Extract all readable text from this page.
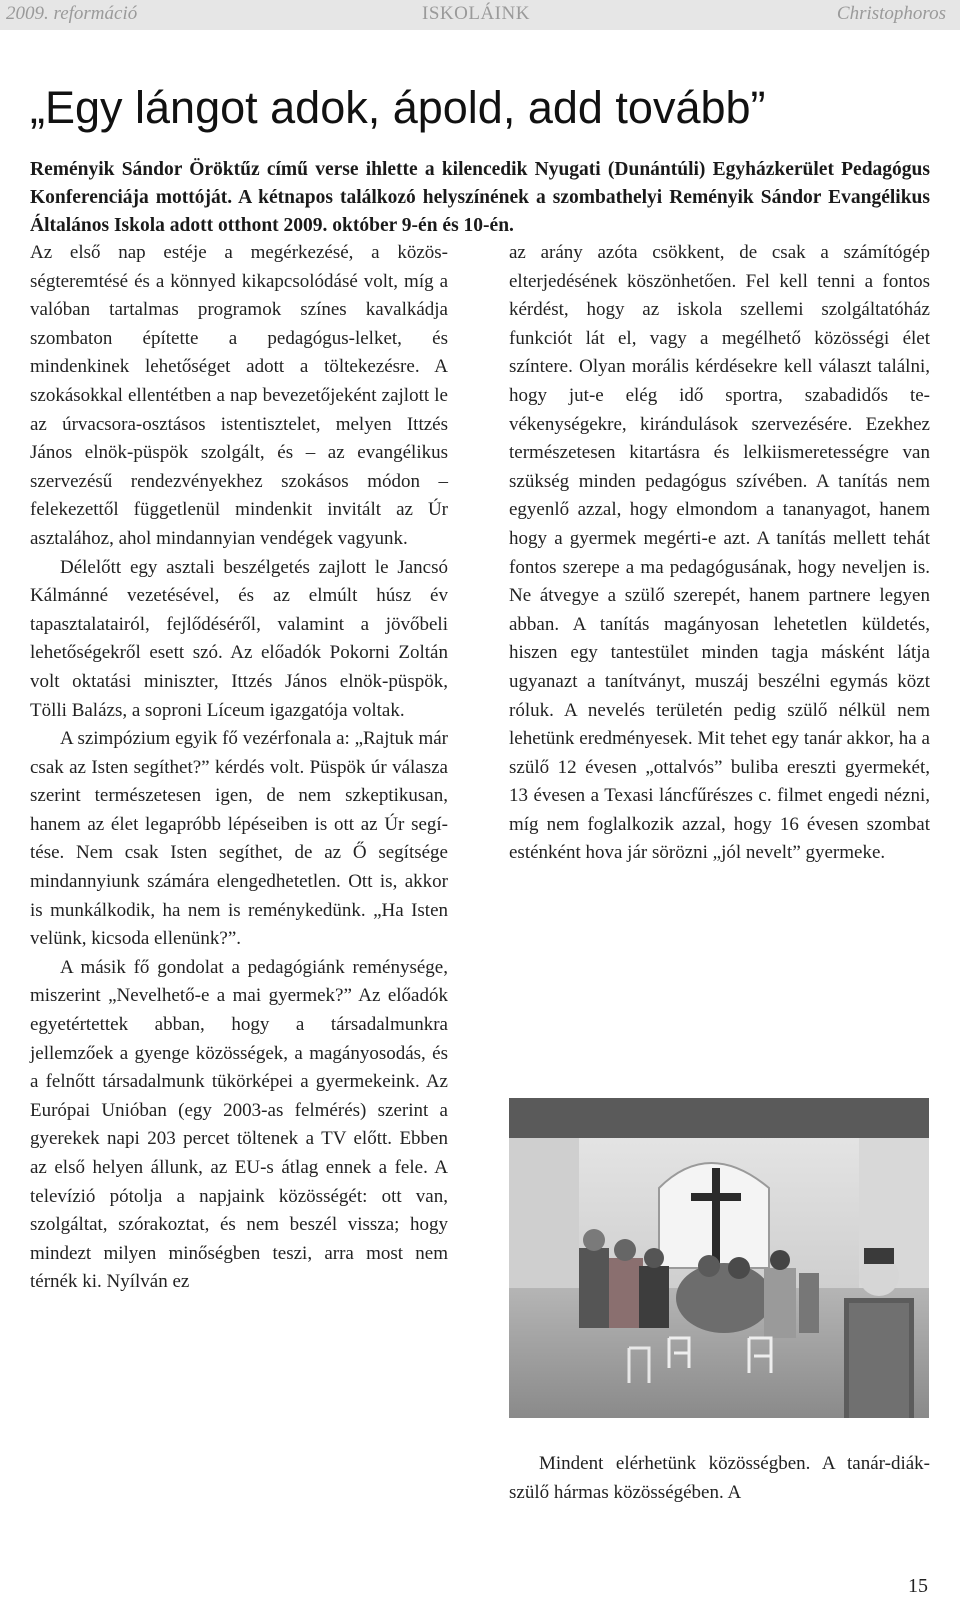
2009. reformáció	ISKOLÁINK	Christophoros
„Egy lángot adok, ápold, add tovább”

Reményik Sándor Öröktűz című verse ihlette a kilencedik Nyugati (Dunántúli) Egyházkerület Pedagógus Konferenciája mottóját. A kétnapos találkozó helyszínének a szombathelyi Reményik Sándor Evangélikus Általános Iskola adott otthont 2009. október 9-én és 10-én.

Az első nap estéje a megérkezésé, a közösségteremtésé és a könnyed kikapcsolódásé volt, míg a valóban tartalmas programok színes kavalkádja szombaton építette a pedagógus-lelket, és mindenkinek lehetőséget adott a töltekezésre. A szokásokkal ellentétben a nap bevezetőjeként zajlott le az úrvacsora-osztásos istentisztelet, melyen Ittzés János elnök-püspök szolgált, és – az evangélikus szervezésű rendezvényekhez szokásos módon – felekezettől függetlenül mindenkit invitált az Úr asztalához, ahol mindannyian vendégek vagyunk.

Délelőtt egy asztali beszélgetés zajlott le Jancsó Kálmánné vezetésével, és az elmúlt húsz év tapasztalatairól, fejlődéséről, valamint a jövőbeli lehetőségekről esett szó. Az előadók Pokorni Zoltán volt oktatási miniszter, Ittzés János elnök-püspök, Tölli Balázs, a soproni Líceum igazgatója voltak.

A szimpózium egyik fő vezérfonala a: „Rajtuk már csak az Isten segíthet?” kérdés volt. Püspök úr válasza szerint természetesen igen, de nem szkeptikusan, hanem az élet legapróbb lépéseiben is ott az Úr segítése. Nem csak Isten segíthet, de az Ő segítsége mindannyiunk számára elengedhetetlen. Ott is, akkor is munkálkodik, ha nem is reménykedünk. „Ha Isten velünk, kicsoda ellenünk?”.

A másik fő gondolat a pedagógiánk reménysége, miszerint „Nevelhető-e a mai gyermek?” Az előadók egyetértettek abban, hogy a társadalmunkra jellemzőek a gyenge közösségek, a magányosodás, és a felnőtt társadalmunk tükörképei a gyermekeink. Az Európai Unióban (egy 2003-as felmérés) szerint a gyerekek napi 203 percet töltenek a TV előtt. Ebben az első helyen állunk, az EU-s átlag ennek a fele. A televízió pótolja a napjaink közösségét: ott van, szolgáltat, szórakoztat, és nem beszél vissza; hogy mindezt milyen minőségben teszi, arra most nem térnék ki. Nyílván ez

az arány azóta csökkent, de csak a számítógép elterjedésének köszönhetően. Fel kell tenni a fontos kérdést, hogy az iskola szellemi szolgáltatóház funkciót lát el, vagy a megélhető közösségi élet színtere. Olyan morális kérdésekre kell választ találni, hogy jut-e elég idő sportra, szabadidős tevékenységekre, kirándulások szervezésére. Ezekhez természetesen kitartásra és lelkiismeretességre van szükség minden pedagógus szívében. A tanítás nem egyenlő azzal, hogy elmondom a tananyagot, hanem hogy a gyermek megérti-e azt. A tanítás mellett tehát fontos szerepe a ma pedagógusának, hogy neveljen is. Ne átvegye a szülő szerepét, hanem partnere legyen abban. A tanítás magányosan lehetetlen küldetés, hiszen egy tantestület minden tagja másként látja ugyanazt a tanítványt, muszáj beszélni egymás közt róluk. A nevelés területén pedig szülő nélkül nem lehetünk eredményesek. Mit tehet egy tanár akkor, ha a szülő 12 évesen „ottalvós” buliba ereszti gyermekét, 13 évesen a Texasi láncfűrészes c. filmet engedi nézni, míg nem foglalkozik azzal, hogy 16 évesen szombat esténként hova jár sörözni „jól nevelt” gyermeke.

Mindent elérhetünk közösségben. A tanár-diák-szülő hármas közösségében. A

15
